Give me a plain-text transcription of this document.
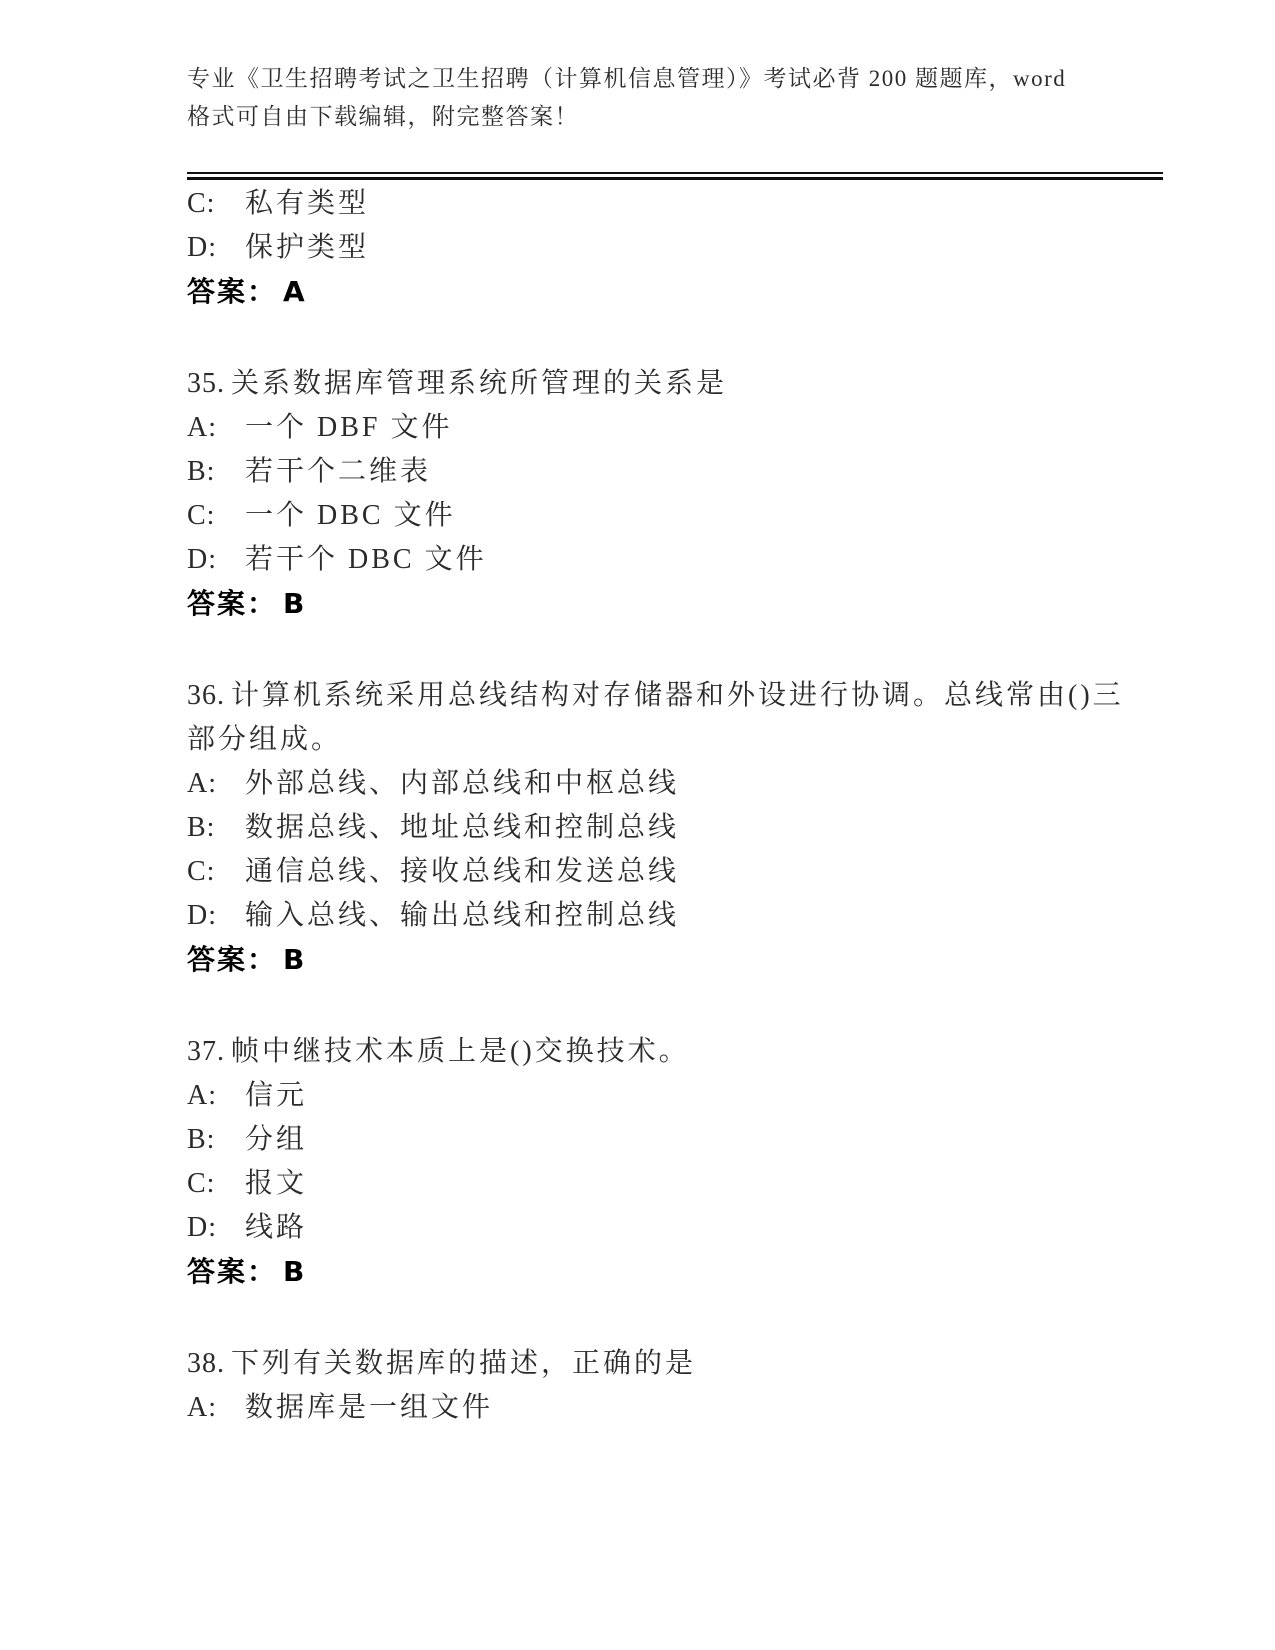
专业《卫生招聘考试之卫生招聘（计算机信息管理）》考试必背 200 题题库，word

格式可自由下载编辑，附完整答案！

C: 私有类型

D: 保护类型

答案： A

35. 关系数据库管理系统所管理的关系是

A: 一个 DBF 文件

B: 若干个二维表

C: 一个 DBC 文件

D: 若干个 DBC 文件

答案： B

36. 计算机系统采用总线结构对存储器和外设进行协调。总线常由()三

部分组成。

A: 外部总线、内部总线和中枢总线

B: 数据总线、地址总线和控制总线

C: 通信总线、接收总线和发送总线

D: 输入总线、输出总线和控制总线

答案： B

37. 帧中继技术本质上是()交换技术。

A: 信元

B: 分组

C: 报文

D: 线路

答案： B

38. 下列有关数据库的描述，正确的是

A: 数据库是一组文件
